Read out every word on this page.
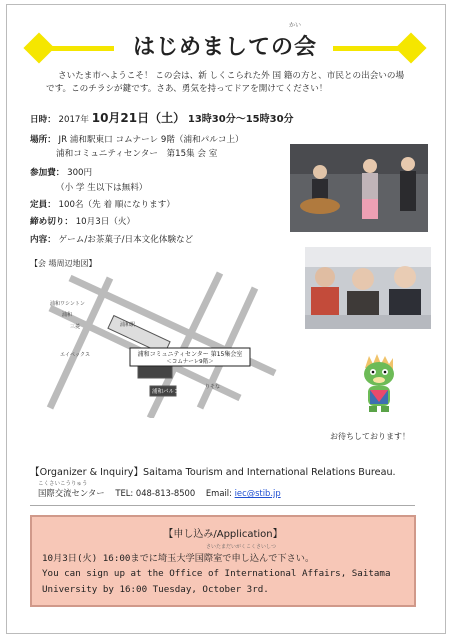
はじめましての会
かい
さいたま市へようこそ！ この会は、新 しくこられた外 国 籍の方と、市民との出会いの場
です。このチラシが鍵です。さあ、勇気を持ってドアを開けてください！
日時： 2017年 10月21日（土） 13時30分～15時30分
場所： JR 浦和駅東口 コムナーレ 9階（浦和パルコ上）
浦和コミュニティセンター　第15集 会 室
参加費： 300円
（小 学 生以下は無料）
定員： 100名（先 着 順になります）
締め切り： 10月3日（火）
内容： ゲーム/お茶菓子/日本文化体験など
【会 場周辺地図】
浦和コミュニティセンター 第15集会室
＜コムナーレ9階＞
浦和パルコ
浦和ワシントン
浦和
三菱	浦和駅
エイペックス
りそな
お待ちしております！
【Organizer & Inquiry】Saitama Tourism and International Relations Bureau.
こくさいこうりゅう
国際交流センター TEL: 048-813-8500 Email: iec@stib.jp
【申し込み/Application】
さいたまだいがくこくさいしつ
10月3日(火) 16:00までに埼玉大学国際室で申し込んで下さい。
You can sign up at the Office of International Affairs, Saitama
University by 16:00 Tuesday, October 3rd.
